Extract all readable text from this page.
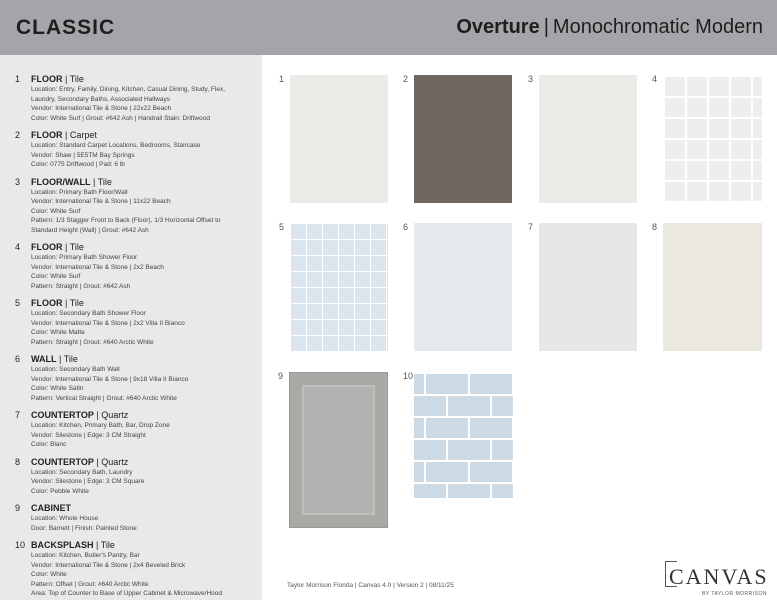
CLASSIC	Overture | Monochromatic Modern
1 FLOOR | Tile
Location: Entry, Family, Dining, Kitchen, Casual Dining, Study, Flex,
Laundry, Secondary Baths, Associated Hallways
Vendor: International Tile & Stone | 22x22 Beach
Color: White Surf | Grout: #642 Ash | Handrail Stain: Driftwood
2 FLOOR | Carpet
Location: Standard Carpet Locations, Bedrooms, Staircase
Vendor: Shaw | 5E5TM Bay Springs
Color: 0775 Driftwood | Pad: 6 lb
3 FLOOR/WALL | Tile
Location: Primary Bath Floor/Wall
Vendor: International Tile & Stone | 11x22 Beach
Color: White Surf
Pattern: 1/3 Stagger Front to Back (Floor), 1/3 Horizontal Offset to
Standard Height (Wall) | Grout: #642 Ash
4 FLOOR | Tile
Location: Primary Bath Shower Floor
Vendor: International Tile & Stone | 2x2 Beach
Color: White Surf
Pattern: Straight | Grout: #642 Ash
5 FLOOR | Tile
Location: Secondary Bath Shower Floor
Vendor: International Tile & Stone | 2x2 Villa II Bianco
Color: White Matte
Pattern: Straight | Grout: #640 Arctic White
6 WALL | Tile
Location: Secondary Bath Wall
Vendor: International Tile & Stone | 9x18 Villa II Bianco
Color: White Satin
Pattern: Vertical Straight | Grout: #640 Arctic White
7 COUNTERTOP | Quartz
Location: Kitchen, Primary Bath, Bar, Drop Zone
Vendor: Silestone | Edge: 3 CM Straight
Color: Blanc
8 COUNTERTOP | Quartz
Location: Secondary Bath, Laundry
Vendor: Silestone | Edge: 3 CM Square
Color: Pebble White
9 CABINET
Location: Whole House
Door: Barnett | Finish: Painted Stone
10 BACKSPLASH | Tile
Location: Kitchen, Butler's Pantry, Bar
Vendor: International Tile & Stone | 2x4 Beveled Brick
Color: White
Pattern: Offset | Grout: #640 Arctic White
Area: Top of Counter to Base of Upper Cabinet & Microwave/Hood
1	2	3	4
5	6	7	8
9	10
Taylor Morrison Florida | Canvas 4.0 | Version 2 | 08/11/25	CANVAS
BY TAYLOR MORRISON
